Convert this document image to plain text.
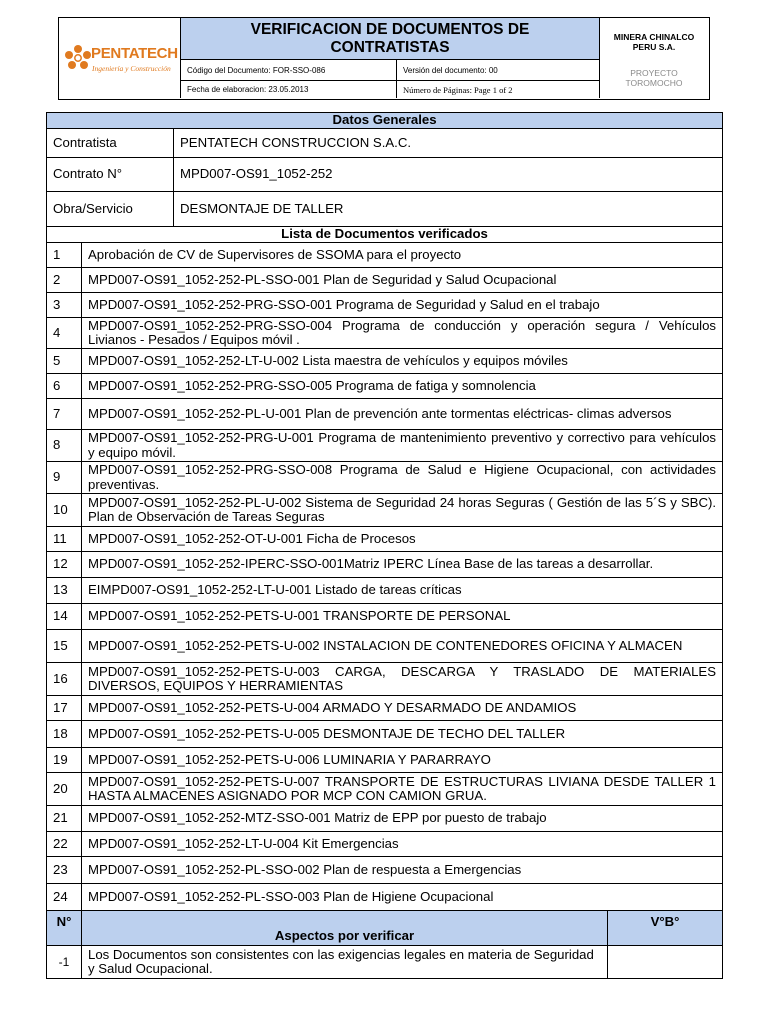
PENTATECH
Ingeniería y Construcción
VERIFICACION DE DOCUMENTOS DE CONTRATISTAS
Código del Documento: FOR-SSO-086	Versión del documento: 00
Fecha de elaboracion: 23.05.2013	Número de Páginas: Page 1 of 2
MINERA CHINALCO PERU S.A.
PROYECTO TOROMOCHO
Datos Generales			
Contratista		PENTATECH CONSTRUCCION S.A.C.	
Contrato N°		MPD007-OS91_1052-252	
Obra/Servicio		DESMONTAJE DE TALLER	
Lista de Documentos verificados			
1	Aprobación de CV de Supervisores de SSOMA para el proyecto		
2	MPD007-OS91_1052-252-PL-SSO-001 Plan de Seguridad y Salud Ocupacional		
3	MPD007-OS91_1052-252-PRG-SSO-001 Programa de Seguridad y Salud en el trabajo		
4	MPD007-OS91_1052-252-PRG-SSO-004 Programa de conducción y operación segura / Vehículos Livianos - Pesados / Equipos móvil .		
5	MPD007-OS91_1052-252-LT-U-002 Lista maestra de vehículos y equipos móviles		
6	MPD007-OS91_1052-252-PRG-SSO-005 Programa de fatiga y somnolencia		
7	MPD007-OS91_1052-252-PL-U-001 Plan de prevención ante tormentas eléctricas- climas adversos		
8	MPD007-OS91_1052-252-PRG-U-001 Programa de mantenimiento preventivo y correctivo para vehículos y equipo móvil.		
9	MPD007-OS91_1052-252-PRG-SSO-008 Programa de Salud e Higiene Ocupacional, con actividades preventivas.		
10	MPD007-OS91_1052-252-PL-U-002 Sistema de Seguridad 24 horas Seguras ( Gestión de las 5´S y SBC). Plan de Observación de Tareas Seguras		
11	MPD007-OS91_1052-252-OT-U-001 Ficha de Procesos		
12	MPD007-OS91_1052-252-IPERC-SSO-001Matriz IPERC Línea Base de las tareas a desarrollar.		
13	EIMPD007-OS91_1052-252-LT-U-001 Listado de tareas críticas		
14	MPD007-OS91_1052-252-PETS-U-001 TRANSPORTE DE PERSONAL		
15	MPD007-OS91_1052-252-PETS-U-002 INSTALACION DE CONTENEDORES OFICINA Y ALMACEN		
16	MPD007-OS91_1052-252-PETS-U-003 CARGA, DESCARGA Y TRASLADO DE MATERIALES DIVERSOS, EQUIPOS Y HERRAMIENTAS		
17	MPD007-OS91_1052-252-PETS-U-004 ARMADO Y DESARMADO DE ANDAMIOS		
18	MPD007-OS91_1052-252-PETS-U-005 DESMONTAJE DE TECHO DEL TALLER		
19	MPD007-OS91_1052-252-PETS-U-006 LUMINARIA Y PARARRAYO		
20	MPD007-OS91_1052-252-PETS-U-007 TRANSPORTE DE ESTRUCTURAS LIVIANA DESDE TALLER 1 HASTA ALMACENES ASIGNADO POR MCP CON CAMION GRUA.		
21	MPD007-OS91_1052-252-MTZ-SSO-001 Matriz de EPP por puesto de trabajo		
22	MPD007-OS91_1052-252-LT-U-004 Kit Emergencias		
23	MPD007-OS91_1052-252-PL-SSO-002 Plan de respuesta a Emergencias		
24	MPD007-OS91_1052-252-PL-SSO-003 Plan de Higiene Ocupacional		
N°	Aspectos por verificar		V°B°
-1	Los Documentos son consistentes con las exigencias legales en materia de Seguridad y Salud Ocupacional.		
